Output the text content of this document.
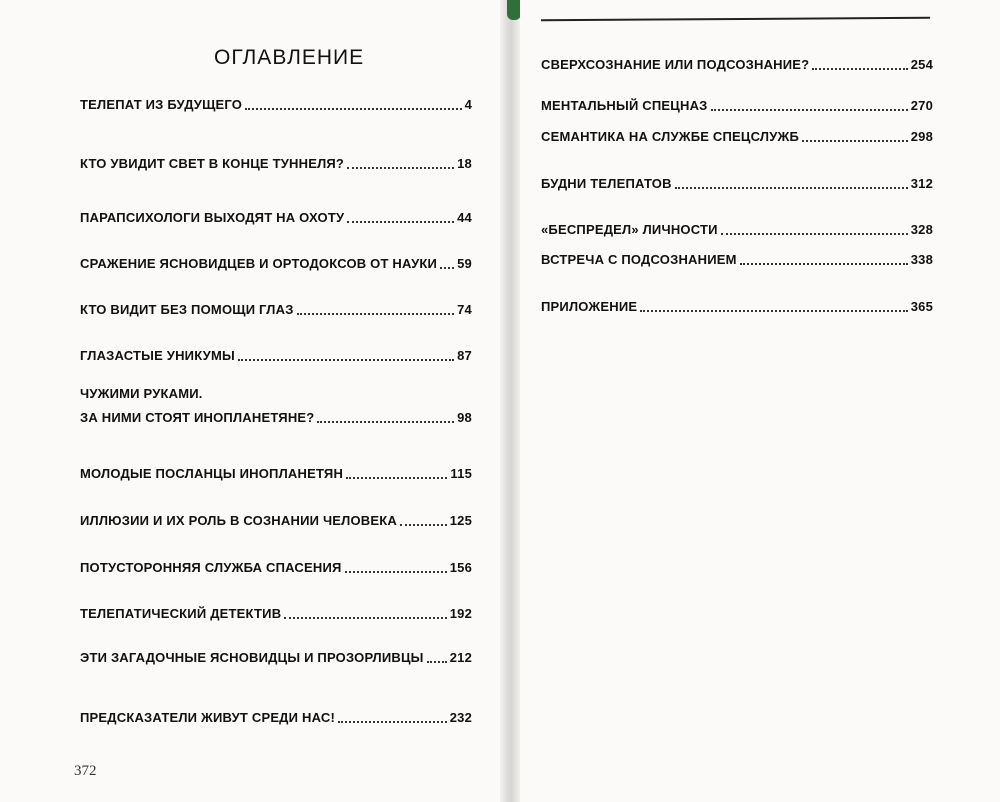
ОГЛАВЛЕНИЕ
ТЕЛЕПАТ ИЗ БУДУЩЕГО	4
КТО УВИДИТ СВЕТ В КОНЦЕ ТУННЕЛЯ?	18
ПАРАПСИХОЛОГИ ВЫХОДЯТ НА ОХОТУ	44
СРАЖЕНИЕ ЯСНОВИДЦЕВ И ОРТОДОКСОВ ОТ НАУКИ 59
КТО ВИДИТ БЕЗ ПОМОЩИ ГЛАЗ	74
ГЛАЗАСТЫЕ УНИКУМЫ	87
ЧУЖИМИ РУКАМИ.
ЗА НИМИ СТОЯТ ИНОПЛАНЕТЯНЕ?	98
МОЛОДЫЕ ПОСЛАНЦЫ ИНОПЛАНЕТЯН	115
ИЛЛЮЗИИ И ИХ РОЛЬ В СОЗНАНИИ ЧЕЛОВЕКА	125
ПОТУСТОРОННЯЯ СЛУЖБА СПАСЕНИЯ	156
ТЕЛЕПАТИЧЕСКИЙ ДЕТЕКТИВ	192
ЭТИ ЗАГАДОЧНЫЕ ЯСНОВИДЦЫ И ПРОЗОРЛИВЦЫ 212
ПРЕДСКАЗАТЕЛИ ЖИВУТ СРЕДИ НАС!	232
372
СВЕРХСОЗНАНИЕ ИЛИ ПОДСОЗНАНИЕ?	254
МЕНТАЛЬНЫЙ СПЕЦНАЗ	270
СЕМАНТИКА НА СЛУЖБЕ СПЕЦСЛУЖБ	298
БУДНИ ТЕЛЕПАТОВ	312
«БЕСПРЕДЕЛ» ЛИЧНОСТИ	328
ВСТРЕЧА С ПОДСОЗНАНИЕМ	338
ПРИЛОЖЕНИЕ	365
